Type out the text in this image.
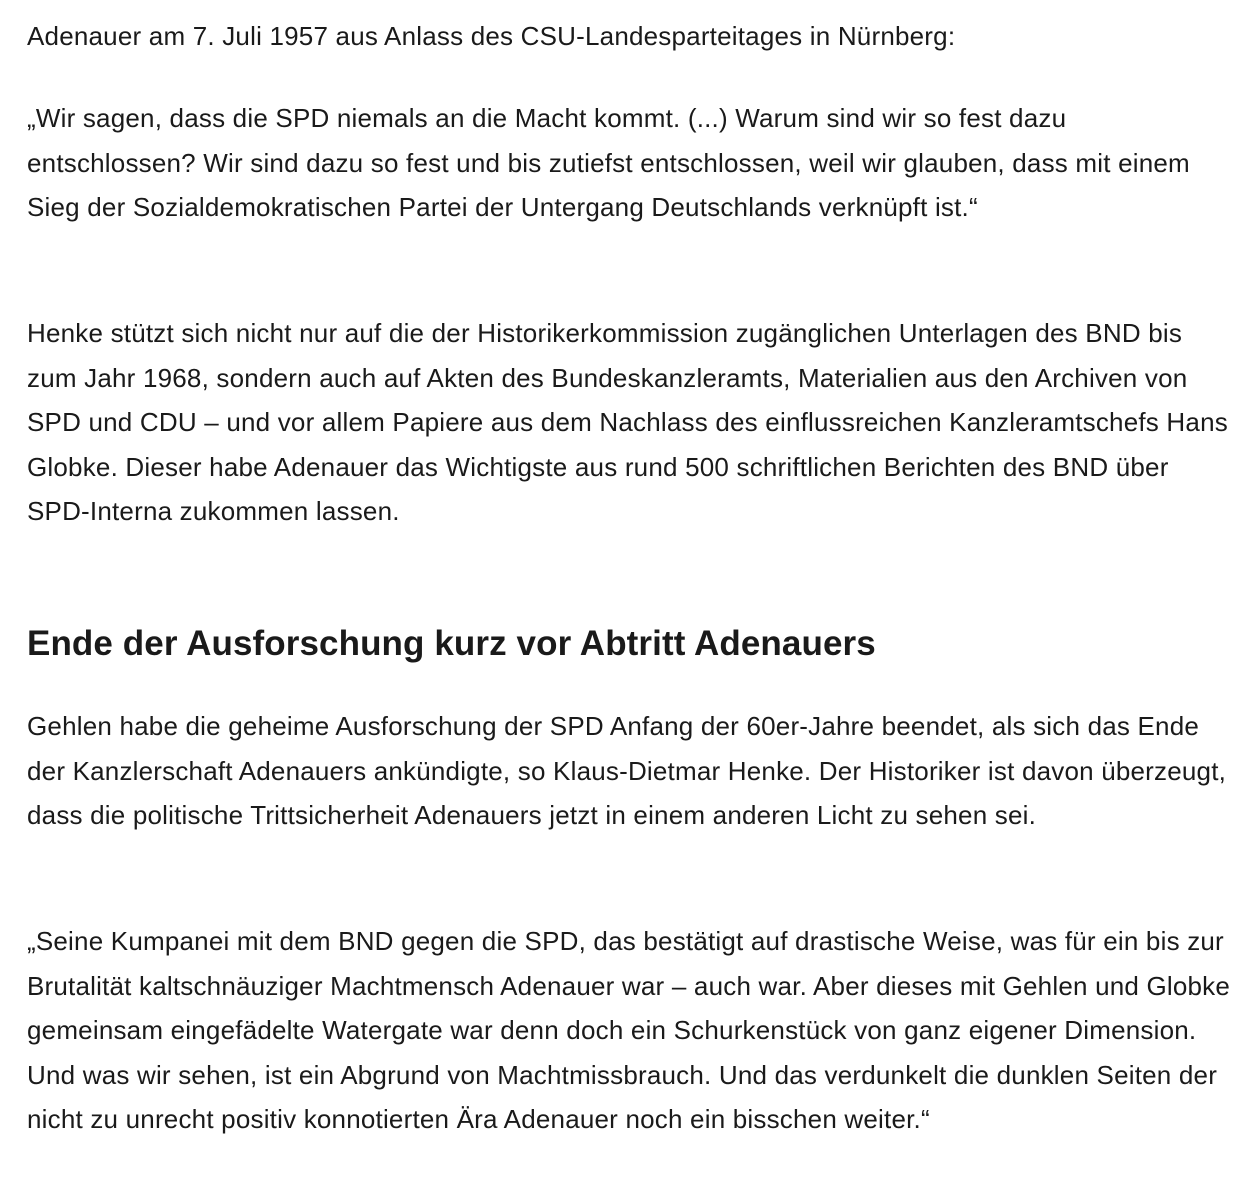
Adenauer am 7. Juli 1957 aus Anlass des CSU-Landesparteitages in Nürnberg:

„Wir sagen, dass die SPD niemals an die Macht kommt. (...) Warum sind wir so fest dazu entschlossen? Wir sind dazu so fest und bis zutiefst entschlossen, weil wir glauben, dass mit einem Sieg der Sozialdemokratischen Partei der Untergang Deutschlands verknüpft ist.“

Henke stützt sich nicht nur auf die der Historikerkommission zugänglichen Unterlagen des BND bis zum Jahr 1968, sondern auch auf Akten des Bundeskanzleramts, Materialien aus den Archiven von SPD und CDU – und vor allem Papiere aus dem Nachlass des einflussreichen Kanzleramtschefs Hans Globke. Dieser habe Adenauer das Wichtigste aus rund 500 schriftlichen Berichten des BND über SPD-Interna zukommen lassen.

Ende der Ausforschung kurz vor Abtritt Adenauers

Gehlen habe die geheime Ausforschung der SPD Anfang der 60er-Jahre beendet, als sich das Ende der Kanzlerschaft Adenauers ankündigte, so Klaus-Dietmar Henke. Der Historiker ist davon überzeugt, dass die politische Trittsicherheit Adenauers jetzt in einem anderen Licht zu sehen sei.

„Seine Kumpanei mit dem BND gegen die SPD, das bestätigt auf drastische Weise, was für ein bis zur Brutalität kaltschnäuziger Machtmensch Adenauer war – auch war. Aber dieses mit Gehlen und Globke gemeinsam eingefädelte Watergate war denn doch ein Schurkenstück von ganz eigener Dimension. Und was wir sehen, ist ein Abgrund von Machtmissbrauch. Und das verdunkelt die dunklen Seiten der nicht zu unrecht positiv konnotierten Ära Adenauer noch ein bisschen weiter.“
